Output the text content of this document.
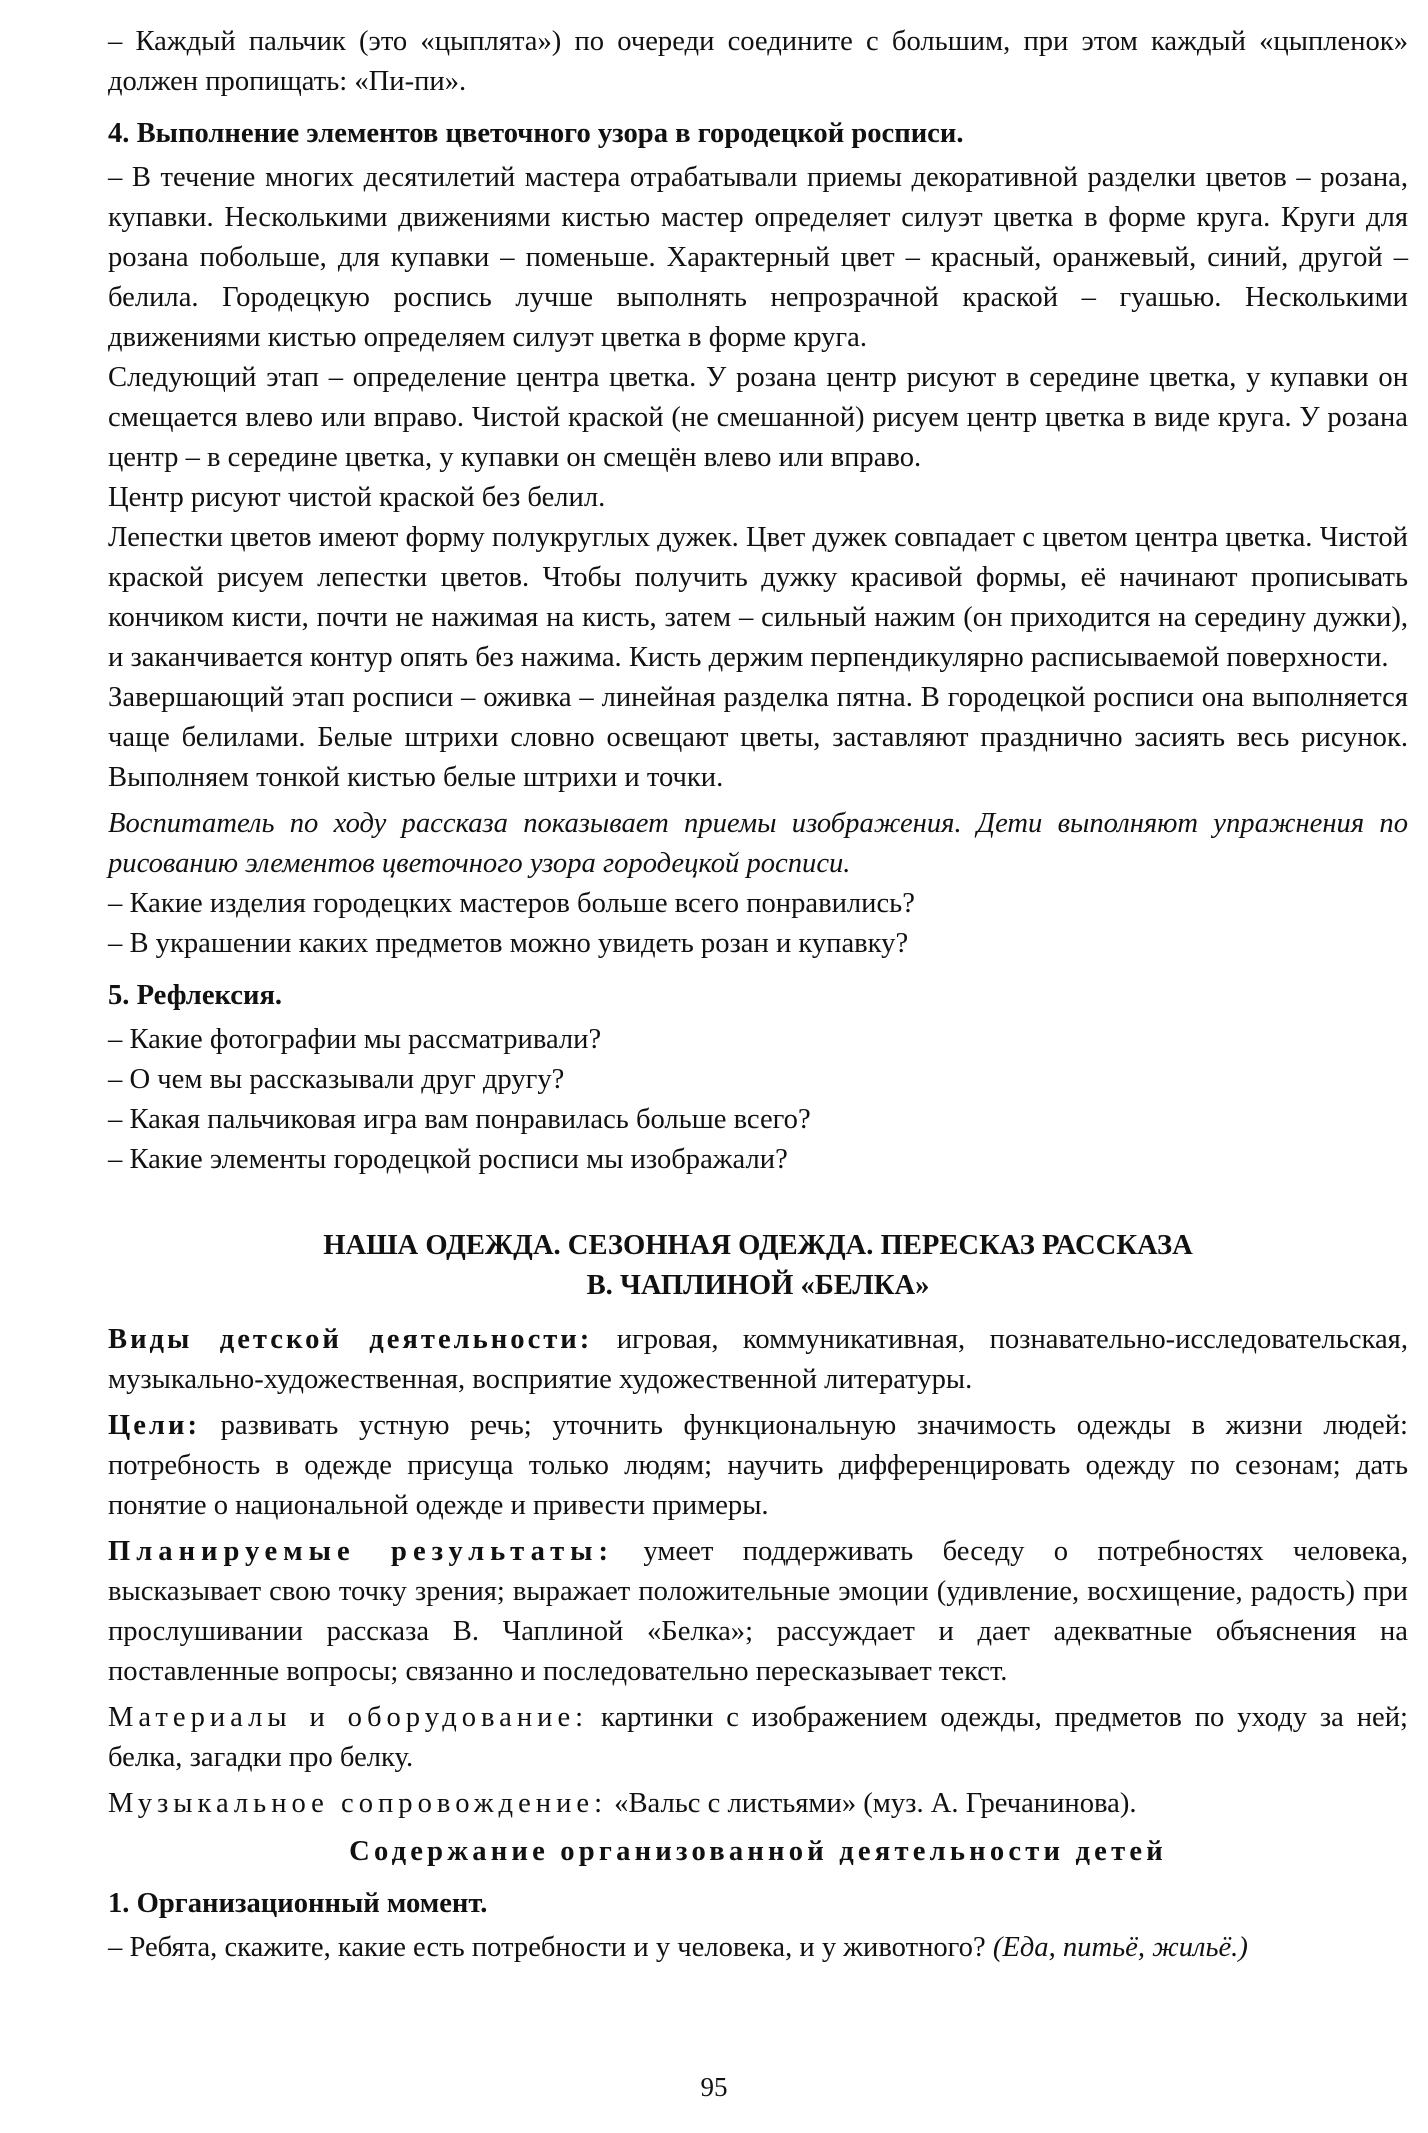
– Каждый пальчик (это «цыплята») по очереди соедините с большим, при этом каждый «цыпленок» должен пропищать: «Пи-пи».

4. Выполнение элементов цветочного узора в городецкой росписи.

– В течение многих десятилетий мастера отрабатывали приемы декоративной разделки цветов – розана, купавки. Несколькими движениями кистью мастер определяет силуэт цветка в форме круга. Круги для розана побольше, для купавки – поменьше. Характерный цвет – красный, оранжевый, синий, другой – белила. Городецкую роспись лучше выполнять непрозрачной краской – гуашью. Несколькими движениями кистью определяем силуэт цветка в форме круга.

Следующий этап – определение центра цветка. У розана центр рисуют в середине цветка, у купавки он смещается влево или вправо. Чистой краской (не смешанной) рисуем центр цветка в виде круга. У розана центр – в середине цветка, у купавки он смещён влево или вправо.

Центр рисуют чистой краской без белил.

Лепестки цветов имеют форму полукруглых дужек. Цвет дужек совпадает с цветом центра цветка. Чистой краской рисуем лепестки цветов. Чтобы получить дужку красивой формы, её начинают прописывать кончиком кисти, почти не нажимая на кисть, затем – сильный нажим (он приходится на середину дужки), и заканчивается контур опять без нажима. Кисть держим перпендикулярно расписываемой поверхности.

Завершающий этап росписи – оживка – линейная разделка пятна. В городецкой росписи она выполняется чаще белилами. Белые штрихи словно освещают цветы, заставляют празднично засиять весь рисунок. Выполняем тонкой кистью белые штрихи и точки.

Воспитатель по ходу рассказа показывает приемы изображения. Дети выполняют упражнения по рисованию элементов цветочного узора городецкой росписи.

– Какие изделия городецких мастеров больше всего понравились?

– В украшении каких предметов можно увидеть розан и купавку?

5. Рефлексия.

– Какие фотографии мы рассматривали?

– О чем вы рассказывали друг другу?

– Какая пальчиковая игра вам понравилась больше всего?

– Какие элементы городецкой росписи мы изображали?

НАША ОДЕЖДА. СЕЗОННАЯ ОДЕЖДА. ПЕРЕСКАЗ РАССКАЗА
В. ЧАПЛИНОЙ «БЕЛКА»

Виды детской деятельности: игровая, коммуникативная, познавательно-исследовательская, музыкально-художественная, восприятие художественной литературы.

Цели: развивать устную речь; уточнить функциональную значимость одежды в жизни людей: потребность в одежде присуща только людям; научить дифференцировать одежду по сезонам; дать понятие о национальной одежде и привести примеры.

Планируемые результаты: умеет поддерживать беседу о потребностях человека, высказывает свою точку зрения; выражает положительные эмоции (удивление, восхищение, радость) при прослушивании рассказа В. Чаплиной «Белка»; рассуждает и дает адекватные объяснения на поставленные вопросы; связанно и последовательно пересказывает текст.

Материалы и оборудование: картинки с изображением одежды, предметов по уходу за ней; белка, загадки про белку.

Музыкальное сопровождение: «Вальс с листьями» (муз. А. Гречанинова).

Содержание организованной деятельности детей

1. Организационный момент.

– Ребята, скажите, какие есть потребности и у человека, и у животного? (Еда, питьё, жильё.)

95
